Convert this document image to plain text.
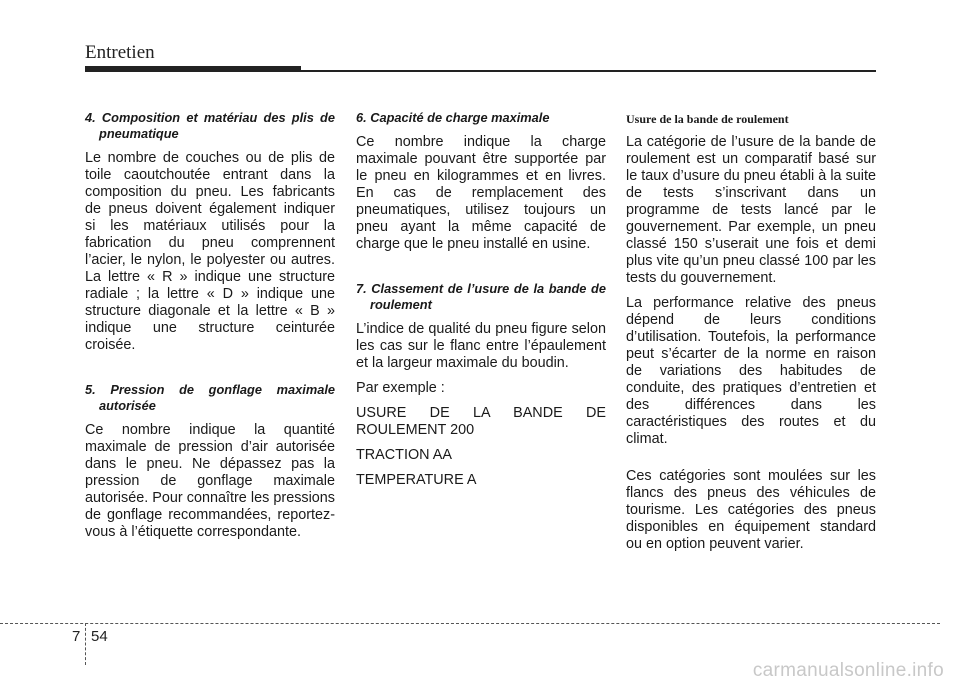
Entretien

4. Composition et matériau des plis de pneumatique

Le nombre de couches ou de plis de toile caoutchoutée entrant dans la composition du pneu. Les fabricants de pneus doivent également indiquer si les matériaux utilisés pour la fabrication du pneu comprennent l’acier, le nylon, le polyester ou autres. La lettre « R » indique une structure radiale ; la lettre « D » indique une structure diagonale et la lettre « B » indique une structure ceinturée croisée.

5. Pression de gonflage maximale autorisée

Ce nombre indique la quantité maximale de pression d’air autorisée dans le pneu. Ne dépassez pas la pression de gonflage maximale autorisée. Pour connaître les pressions de gonflage recommandées, reportez-vous à l’étiquette correspondante.

6. Capacité de charge maximale

Ce nombre indique la charge maximale pouvant être supportée par le pneu en kilogrammes et en livres. En cas de remplacement des pneumatiques, utilisez toujours un pneu ayant la même capacité de charge que le pneu installé en usine.

7. Classement de l’usure de la bande de roulement

L’indice de qualité du pneu figure selon les cas sur le flanc entre l’épaulement et la largeur maximale du boudin.

Par exemple :

USURE DE LA BANDE DE ROULEMENT 200

TRACTION AA

TEMPERATURE A

Usure de la bande de roulement

La catégorie de l’usure de la bande de roulement est un comparatif basé sur le taux d’usure du pneu établi à la suite de tests s’inscrivant dans un programme de tests lancé par le gouvernement. Par exemple, un pneu classé 150 s’userait une fois et demi plus vite qu’un pneu classé 100 par les tests du gouvernement.

La performance relative des pneus dépend de leurs conditions d’utilisation. Toutefois, la performance peut s’écarter de la norme en raison de variations des habitudes de conduite, des pratiques d’entretien et des différences dans les caractéristiques des routes et du climat.

Ces catégories sont moulées sur les flancs des pneus des véhicules de tourisme. Les catégories des pneus disponibles en équipement standard ou en option peuvent varier.

7 54
carmanualsonline.info
